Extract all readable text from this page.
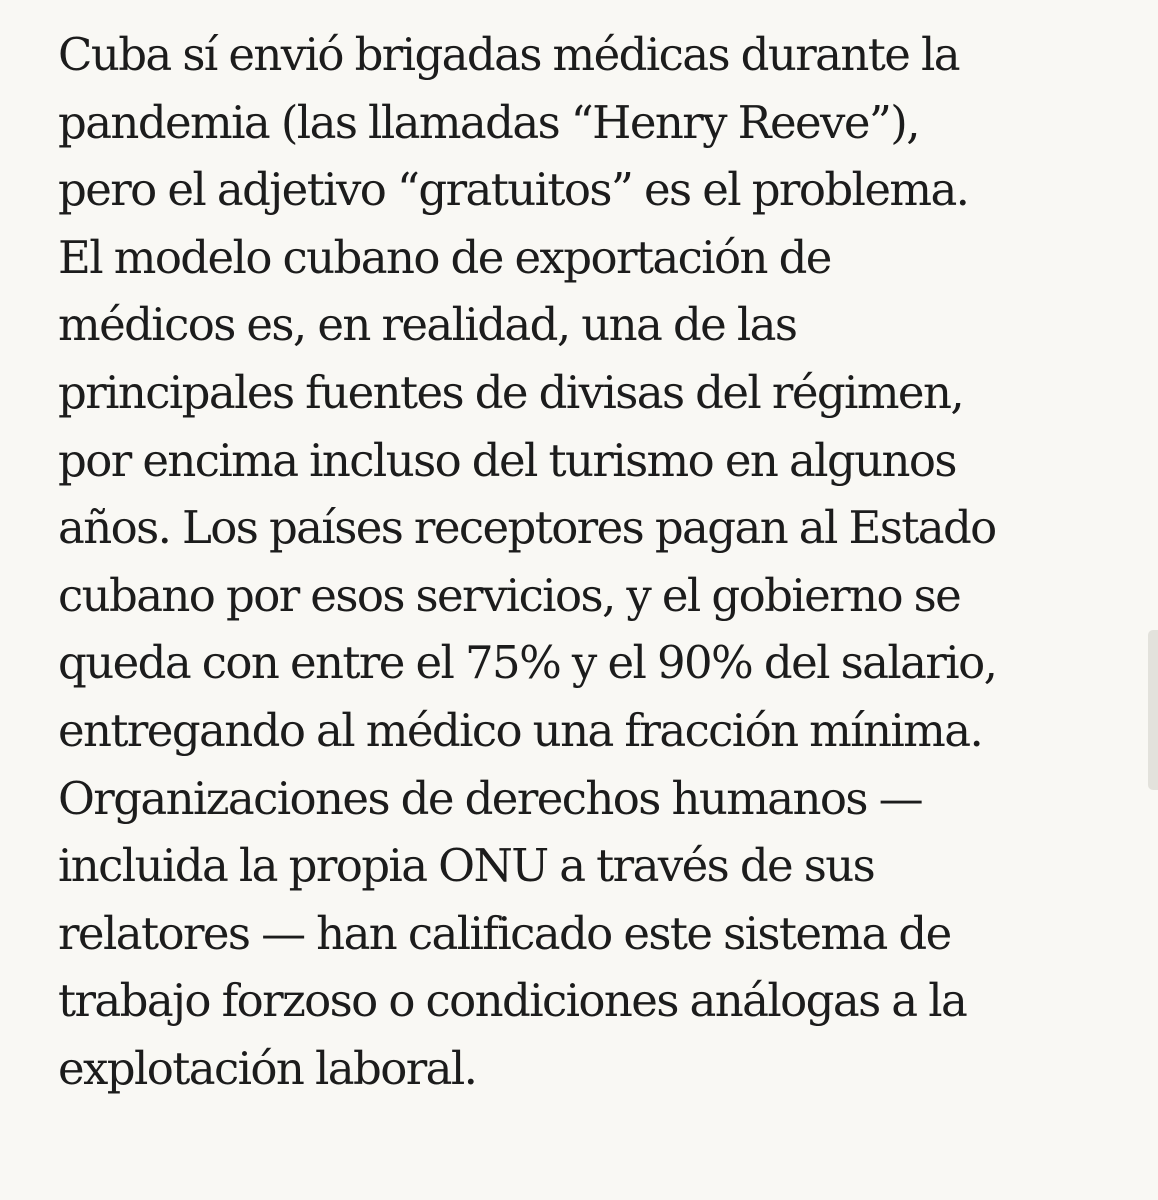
Cuba sí envió brigadas médicas durante la
pandemia (las llamadas “Henry Reeve”),
pero el adjetivo “gratuitos” es el problema.
El modelo cubano de exportación de
médicos es, en realidad, una de las
principales fuentes de divisas del régimen,
por encima incluso del turismo en algunos
años. Los países receptores pagan al Estado
cubano por esos servicios, y el gobierno se
queda con entre el 75% y el 90% del salario,
entregando al médico una fracción mínima.
Organizaciones de derechos humanos —
incluida la propia ONU a través de sus
relatores — han calificado este sistema de
trabajo forzoso o condiciones análogas a la
explotación laboral.
